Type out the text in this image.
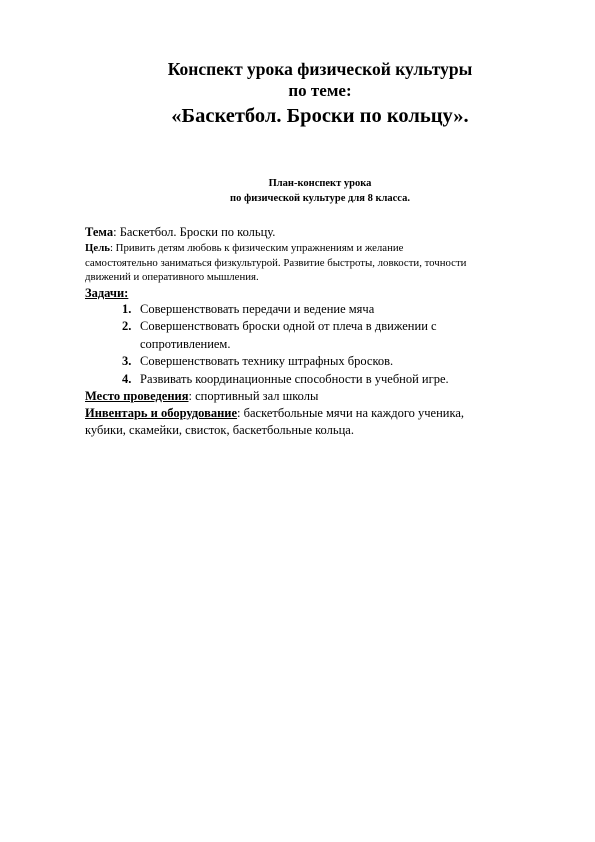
Конспект урока физической культуры
по теме:
«Баскетбол. Броски по кольцу».
План-конспект урока
по физической культуре для 8 класса.
Тема: Баскетбол. Броски по кольцу.
Цель: Привить детям любовь к физическим упражнениям и желание
самостоятельно заниматься физкультурой. Развитие быстроты, ловкости, точности
движений и оперативного мышления.
Задачи:
1. Совершенствовать передачи и ведение мяча
2. Совершенствовать броски одной от плеча в движении с
сопротивлением.
3. Совершенствовать технику штрафных бросков.
4. Развивать координационные способности в учебной игре.
Место проведения: спортивный зал школы
Инвентарь и оборудование: баскетбольные мячи на каждого ученика,
кубики, скамейки, свисток, баскетбольные кольца.
